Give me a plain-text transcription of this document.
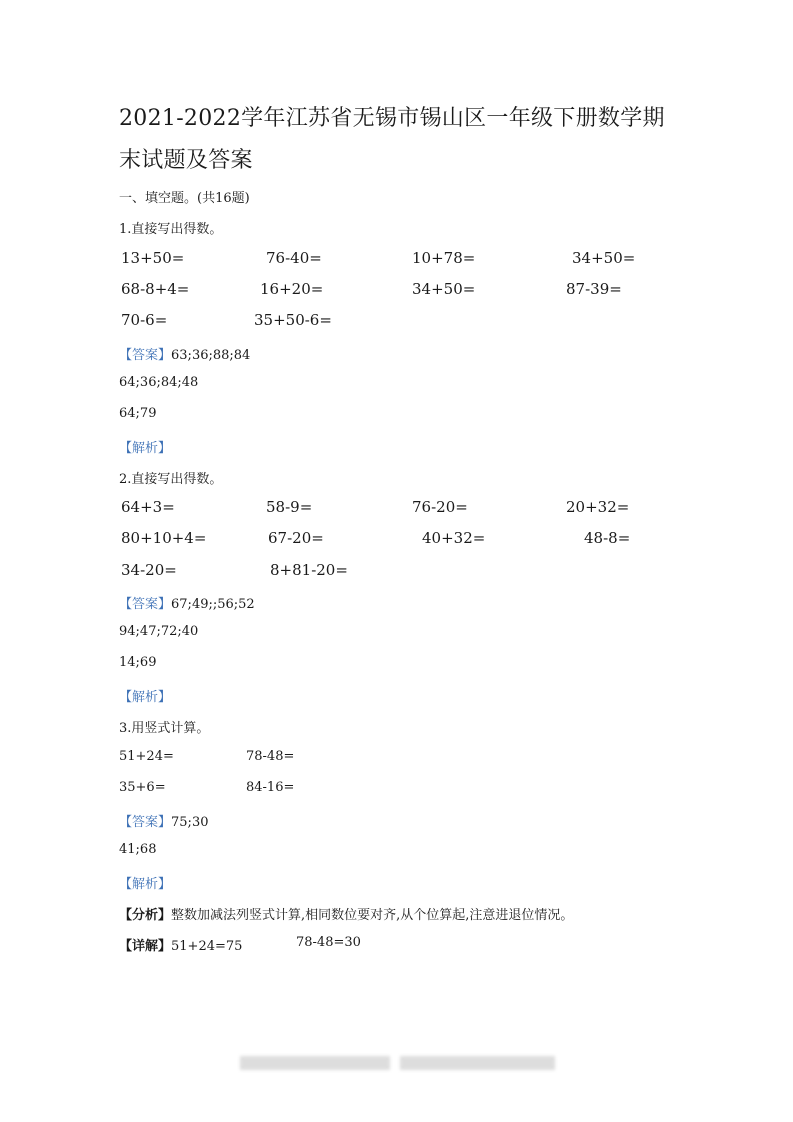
2021-2022学年江苏省无锡市锡山区一年级下册数学期末试题及答案
一、填空题。(共16题)
1.直接写出得数。
13+50=	76-40=	10+78=	34+50=
68-8+4=	16+20=	34+50=	87-39=
70-6=	35+50-6=
【答案】63;36;88;84
64;36;84;48
64;79
【解析】
2.直接写出得数。
64+3=	58-9=	76-20=	20+32=
80+10+4=	67-20=	40+32=	48-8=
34-20=	8+81-20=
【答案】67;49;;56;52
94;47;72;40
14;69
【解析】
3.用竖式计算。
51+24=	78-48=
35+6=	84-16=
【答案】75;30
41;68
【解析】
【分析】整数加减法列竖式计算,相同数位要对齐,从个位算起,注意进退位情况。
【详解】51+24=75	78-48=30
